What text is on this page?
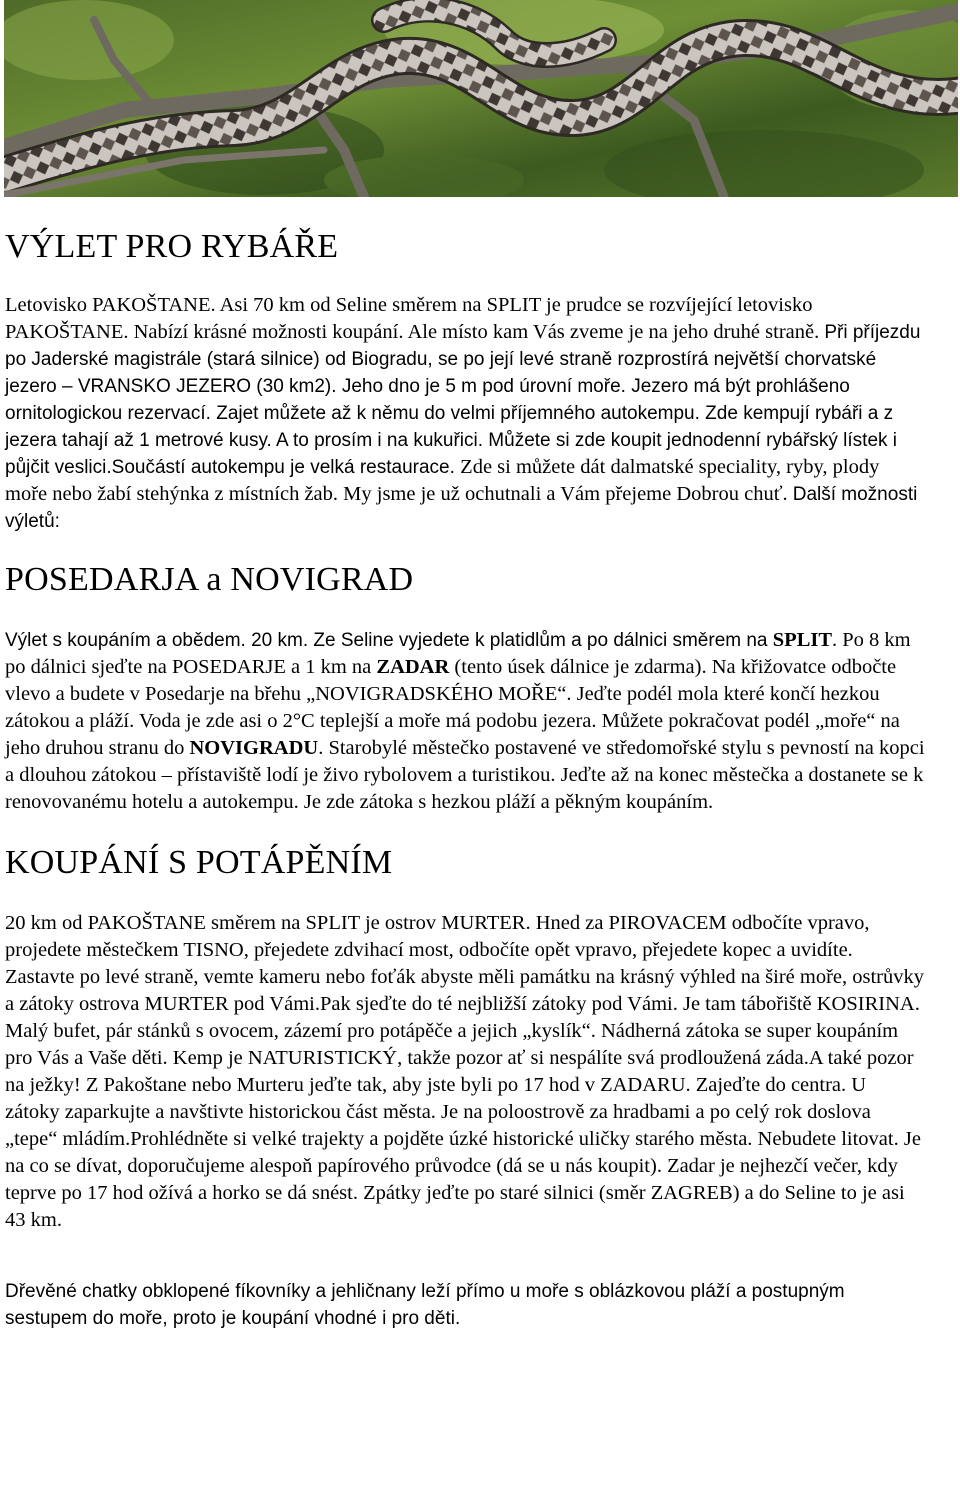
VÝLET PRO RYBÁŘE

Letovisko PAKOŠTANE. Asi 70 km od Seline směrem na SPLIT je prudce se rozvíjející letovisko PAKOŠTANE. Nabízí krásné možnosti koupání. Ale místo kam Vás zveme je na jeho druhé straně. Při příjezdu po Jaderské magistrále (stará silnice) od Biogradu, se po její levé straně rozprostírá největší chorvatské jezero – VRANSKO JEZERO (30 km2). Jeho dno je 5 m pod úrovní moře. Jezero má být prohlášeno ornitologickou rezervací. Zajet můžete až k němu do velmi příjemného autokempu. Zde kempují rybáři a z jezera tahají až 1 metrové kusy. A to prosím i na kukuřici. Můžete si zde koupit jednodenní rybářský lístek i půjčit veslici.Součástí autokempu je velká restaurace. Zde si můžete dát dalmatské speciality, ryby, plody moře nebo žabí stehýnka z místních žab. My jsme je už ochutnali a Vám přejeme Dobrou chuť. Další možnosti výletů:

POSEDARJA a NOVIGRAD

Výlet s koupáním a obědem. 20 km. Ze Seline vyjedete k platidlům a po dálnici směrem na SPLIT. Po 8 km po dálnici sjeďte na POSEDARJE a 1 km na ZADAR (tento úsek dálnice je zdarma). Na křižovatce odbočte vlevo a budete v Posedarje na břehu „NOVIGRADSKÉHO MOŘE“. Jeďte podél mola které končí hezkou zátokou a pláží. Voda je zde asi o 2°C teplejší a moře má podobu jezera. Můžete pokračovat podél „moře“ na jeho druhou stranu do NOVIGRADU. Starobylé městečko postavené ve středomořské stylu s pevností na kopci a dlouhou zátokou – přístaviště lodí je živo rybolovem a turistikou. Jeďte až na konec městečka a dostanete se k renovovanému hotelu a autokempu. Je zde zátoka s hezkou pláží a pěkným koupáním.

KOUPÁNÍ S POTÁPĚNÍM

20 km od PAKOŠTANE směrem na SPLIT je ostrov MURTER. Hned za PIROVACEM odbočíte vpravo, projedete městečkem TISNO, přejedete zdvihací most, odbočíte opět vpravo, přejedete kopec a uvidíte. Zastavte po levé straně, vemte kameru nebo foťák abyste měli památku na krásný výhled na širé moře, ostrůvky a zátoky ostrova MURTER pod Vámi.Pak sjeďte do té nejbližší zátoky pod Vámi. Je tam tábořiště KOSIRINA. Malý bufet, pár stánků s ovocem, zázemí pro potápěče a jejich „kyslík“. Nádherná zátoka se super koupáním pro Vás a Vaše děti. Kemp je NATURISTICKÝ, takže pozor ať si nespálíte svá prodloužená záda.A také pozor na ježky! Z Pakoštane nebo Murteru jeďte tak, aby jste byli po 17 hod v ZADARU. Zajeďte do centra. U zátoky zaparkujte a navštivte historickou část města. Je na poloostrově za hradbami a po celý rok doslova „tepe“ mládím.Prohlédněte si velké trajekty a pojděte úzké historické uličky starého města. Nebudete litovat. Je na co se dívat, doporučujeme alespoň papírového průvodce (dá se u nás koupit). Zadar je nejhezčí večer, kdy teprve po 17 hod ožívá a horko se dá snést. Zpátky jeďte po staré silnici (směr ZAGREB) a do Seline to je asi 43 km.

Dřevěné chatky obklopené fíkovníky a jehličnany leží přímo u moře s oblázkovou pláží a postupným sestupem do moře, proto je koupání vhodné i pro děti.
